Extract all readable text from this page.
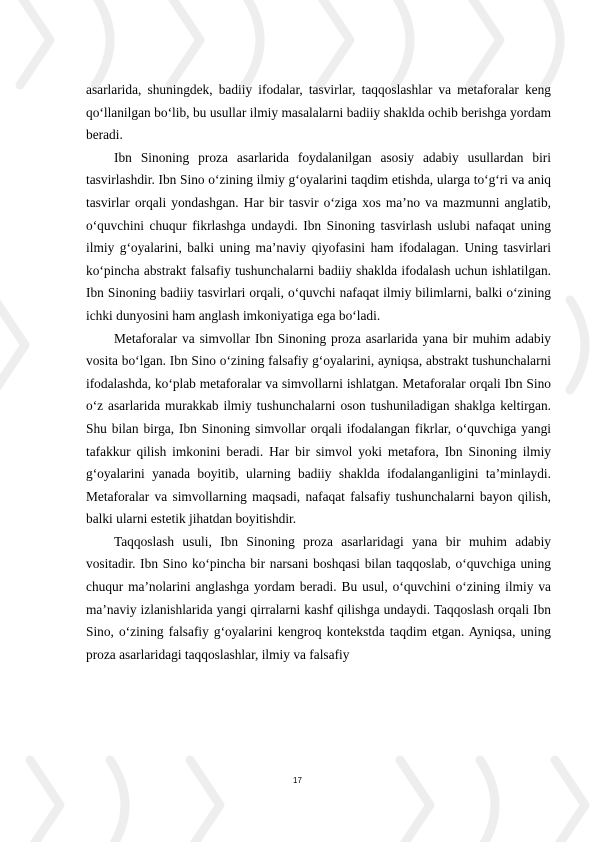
asarlarida, shuningdek, badiiy ifodalar, tasvirlar, taqqoslashlar va metaforalar keng qo‘llanilgan bo‘lib, bu usullar ilmiy masalalarni badiiy shaklda ochib berishga yordam beradi.

Ibn Sinoning proza asarlarida foydalanilgan asosiy adabiy usullardan biri tasvirlashdir. Ibn Sino o‘zining ilmiy g‘oyalarini taqdim etishda, ularga to‘g‘ri va aniq tasvirlar orqali yondashgan. Har bir tasvir o‘ziga xos ma’no va mazmunni anglatib, o‘quvchini chuqur fikrlashga undaydi. Ibn Sinoning tasvirlash uslubi nafaqat uning ilmiy g‘oyalarini, balki uning ma’naviy qiyofasini ham ifodalagan. Uning tasvirlari ko‘pincha abstrakt falsafiy tushunchalarni badiiy shaklda ifodalash uchun ishlatilgan. Ibn Sinoning badiiy tasvirlari orqali, o‘quvchi nafaqat ilmiy bilimlarni, balki o‘zining ichki dunyosini ham anglash imkoniyatiga ega bo‘ladi.

Metaforalar va simvollar Ibn Sinoning proza asarlarida yana bir muhim adabiy vosita bo‘lgan. Ibn Sino o‘zining falsafiy g‘oyalarini, ayniqsa, abstrakt tushunchalarni ifodalashda, ko‘plab metaforalar va simvollarni ishlatgan. Metaforalar orqali Ibn Sino o‘z asarlarida murakkab ilmiy tushunchalarni oson tushuniladigan shaklga keltirgan. Shu bilan birga, Ibn Sinoning simvollar orqali ifodalangan fikrlar, o‘quvchiga yangi tafakkur qilish imkonini beradi. Har bir simvol yoki metafora, Ibn Sinoning ilmiy g‘oyalarini yanada boyitib, ularning badiiy shaklda ifodalanganligini ta’minlaydi. Metaforalar va simvollarning maqsadi, nafaqat falsafiy tushunchalarni bayon qilish, balki ularni estetik jihatdan boyitishdir.

Taqqoslash usuli, Ibn Sinoning proza asarlaridagi yana bir muhim adabiy vositadir. Ibn Sino ko‘pincha bir narsani boshqasi bilan taqqoslab, o‘quvchiga uning chuqur ma’nolarini anglashga yordam beradi. Bu usul, o‘quvchini o‘zining ilmiy va ma’naviy izlanishlarida yangi qirralarni kashf qilishga undaydi. Taqqoslash orqali Ibn Sino, o‘zining falsafiy g‘oyalarini kengroq kontekstda taqdim etgan. Ayniqsa, uning proza asarlaridagi taqqoslashlar, ilmiy va falsafiy

17
